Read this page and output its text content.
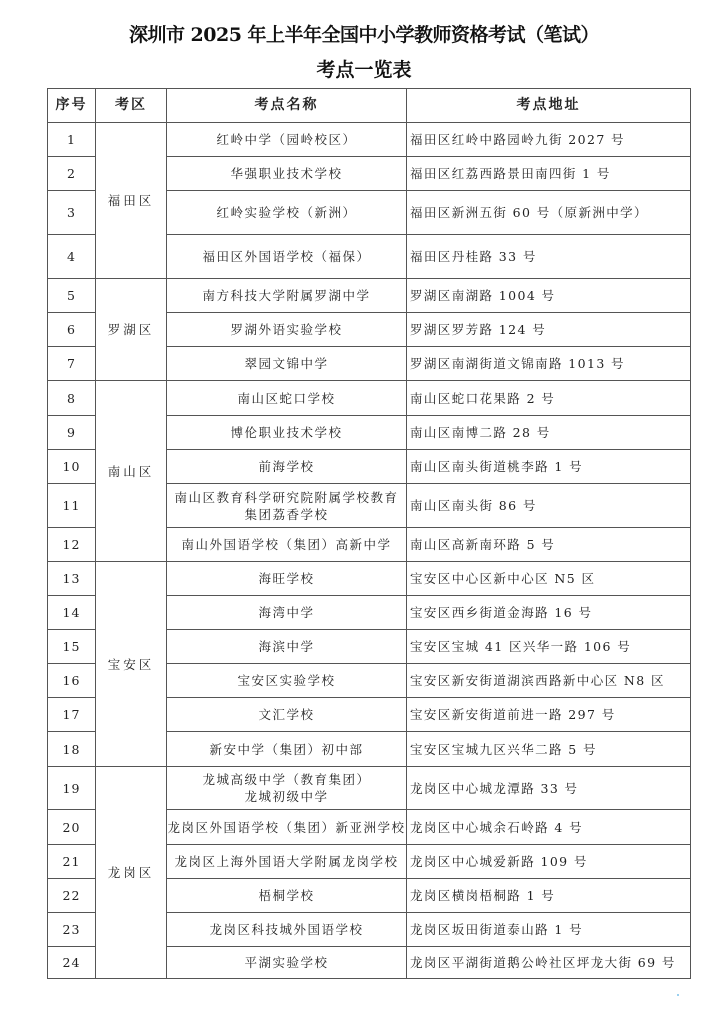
深圳市 2025 年上半年全国中小学教师资格考试（笔试）
考点一览表
序号	考区	考点名称	考点地址
1	福田区	红岭中学（园岭校区）	福田区红岭中路园岭九街 2027 号
2		华强职业技术学校	福田区红荔西路景田南四街 1 号
3		红岭实验学校（新洲）	福田区新洲五街 60 号（原新洲中学）
4		福田区外国语学校（福保）	福田区丹桂路 33 号
5	罗湖区	南方科技大学附属罗湖中学	罗湖区南湖路 1004 号
6		罗湖外语实验学校	罗湖区罗芳路 124 号
7		翠园文锦中学	罗湖区南湖街道文锦南路 1013 号
8	南山区	南山区蛇口学校	南山区蛇口花果路 2 号
9		博伦职业技术学校	南山区南博二路 28 号
10		前海学校	南山区南头街道桃李路 1 号
11		南山区教育科学研究院附属学校教育
集团荔香学校	南山区南头街 86 号
12		南山外国语学校（集团）高新中学	南山区高新南环路 5 号
13	宝安区	海旺学校	宝安区中心区新中心区 N5 区
14		海湾中学	宝安区西乡街道金海路 16 号
15		海滨中学	宝安区宝城 41 区兴华一路 106 号
16		宝安区实验学校	宝安区新安街道湖滨西路新中心区 N8 区
17		文汇学校	宝安区新安街道前进一路 297 号
18		新安中学（集团）初中部	宝安区宝城九区兴华二路 5 号
19	龙岗区	龙城高级中学（教育集团）
龙城初级中学	龙岗区中心城龙潭路 33 号
20		龙岗区外国语学校（集团）新亚洲学校	龙岗区中心城余石岭路 4 号
21		龙岗区上海外国语大学附属龙岗学校	龙岗区中心城爱新路 109 号
22		梧桐学校	龙岗区横岗梧桐路 1 号
23		龙岗区科技城外国语学校	龙岗区坂田街道泰山路 1 号
24		平湖实验学校	龙岗区平湖街道鹅公岭社区坪龙大街 69 号
